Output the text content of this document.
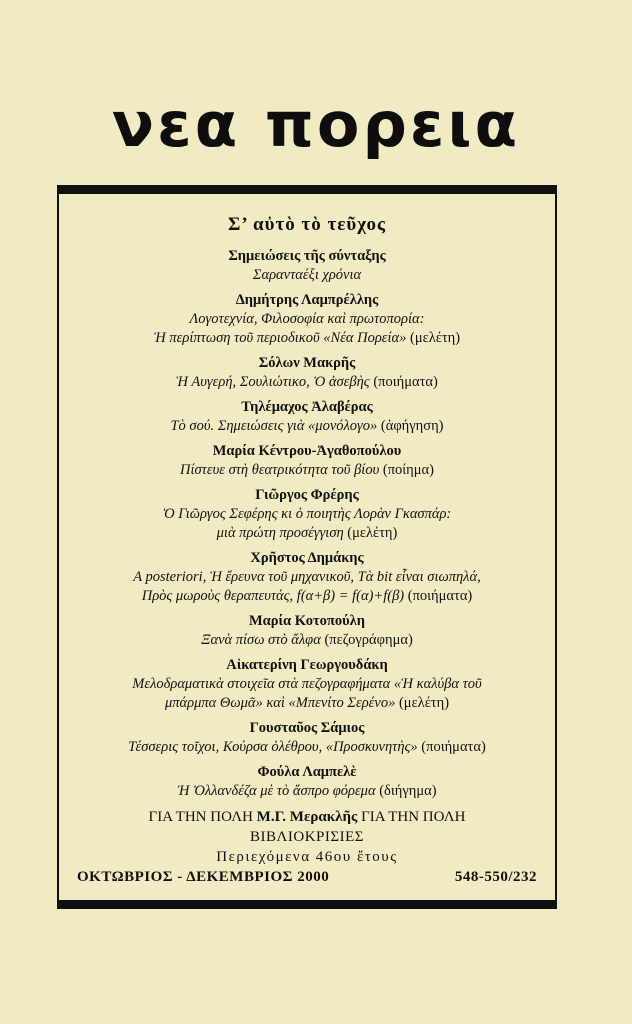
νεα πορεια
Σ’ αὐτὸ τὸ τεῦχος
Σημειώσεις τῆς σύνταξης
Σαρανταέξι χρόνια
Δημήτρης Λαμπρέλλης
Λογοτεχνία, Φιλοσοφία καὶ πρωτοπορία:
Ἡ περίπτωση τοῦ περιοδικοῦ «Νέα Πορεία» (μελέτη)
Σόλων Μακρῆς
Ἡ Αυγερή, Σουλιώτικο, Ὁ ἀσεβὴς (ποιήματα)
Τηλέμαχος Ἀλαβέρας
Τὸ σού. Σημειώσεις γιὰ «μονόλογο» (ἀφήγηση)
Μαρία Κέντρου-Ἀγαθοπούλου
Πίστευε στὴ θεατρικότητα τοῦ βίου (ποίημα)
Γιῶργος Φρέρης
Ὁ Γιῶργος Σεφέρης κι ὁ ποιητὴς Λορὰν Γκασπάρ:
μιὰ πρώτη προσέγγιση (μελέτη)
Χρῆστος Δημάκης
A posteriori, Ἡ ἔρευνα τοῦ μηχανικοῦ, Τὰ bit εἶναι σιωπηλά,
Πρὸς μωροὺς θεραπευτάς, f(α+β) = f(α)+f(β) (ποιήματα)
Μαρία Κοτοπούλη
Ξανὰ πίσω στὸ ἄλφα (πεζογράφημα)
Αἰκατερίνη Γεωργουδάκη
Μελοδραματικὰ στοιχεῖα στὰ πεζογραφήματα «Ἡ καλύβα τοῦ
μπάρμπα Θωμᾶ» καὶ «Μπενίτο Σερένο» (μελέτη)
Γουσταῦος Σάμιος
Τέσσερις τοῖχοι, Κούρσα ὀλέθρου, «Προσκυνητὴς» (ποιήματα)
Φούλα Λαμπελὲ
Ἡ Ὀλλανδέζα μὲ τὸ ἄσπρο φόρεμα (διήγημα)
ΓΙΑ ΤΗΝ ΠΟΛΗ Μ.Γ. Μερακλῆς ΓΙΑ ΤΗΝ ΠΟΛΗ
ΒΙΒΛΙΟΚΡΙΣΙΕΣ
Περιεχόμενα 46ου ἔτους
ΟΚΤΩΒΡΙΟΣ - ΔΕΚΕΜΒΡΙΟΣ 2000	548-550/232
